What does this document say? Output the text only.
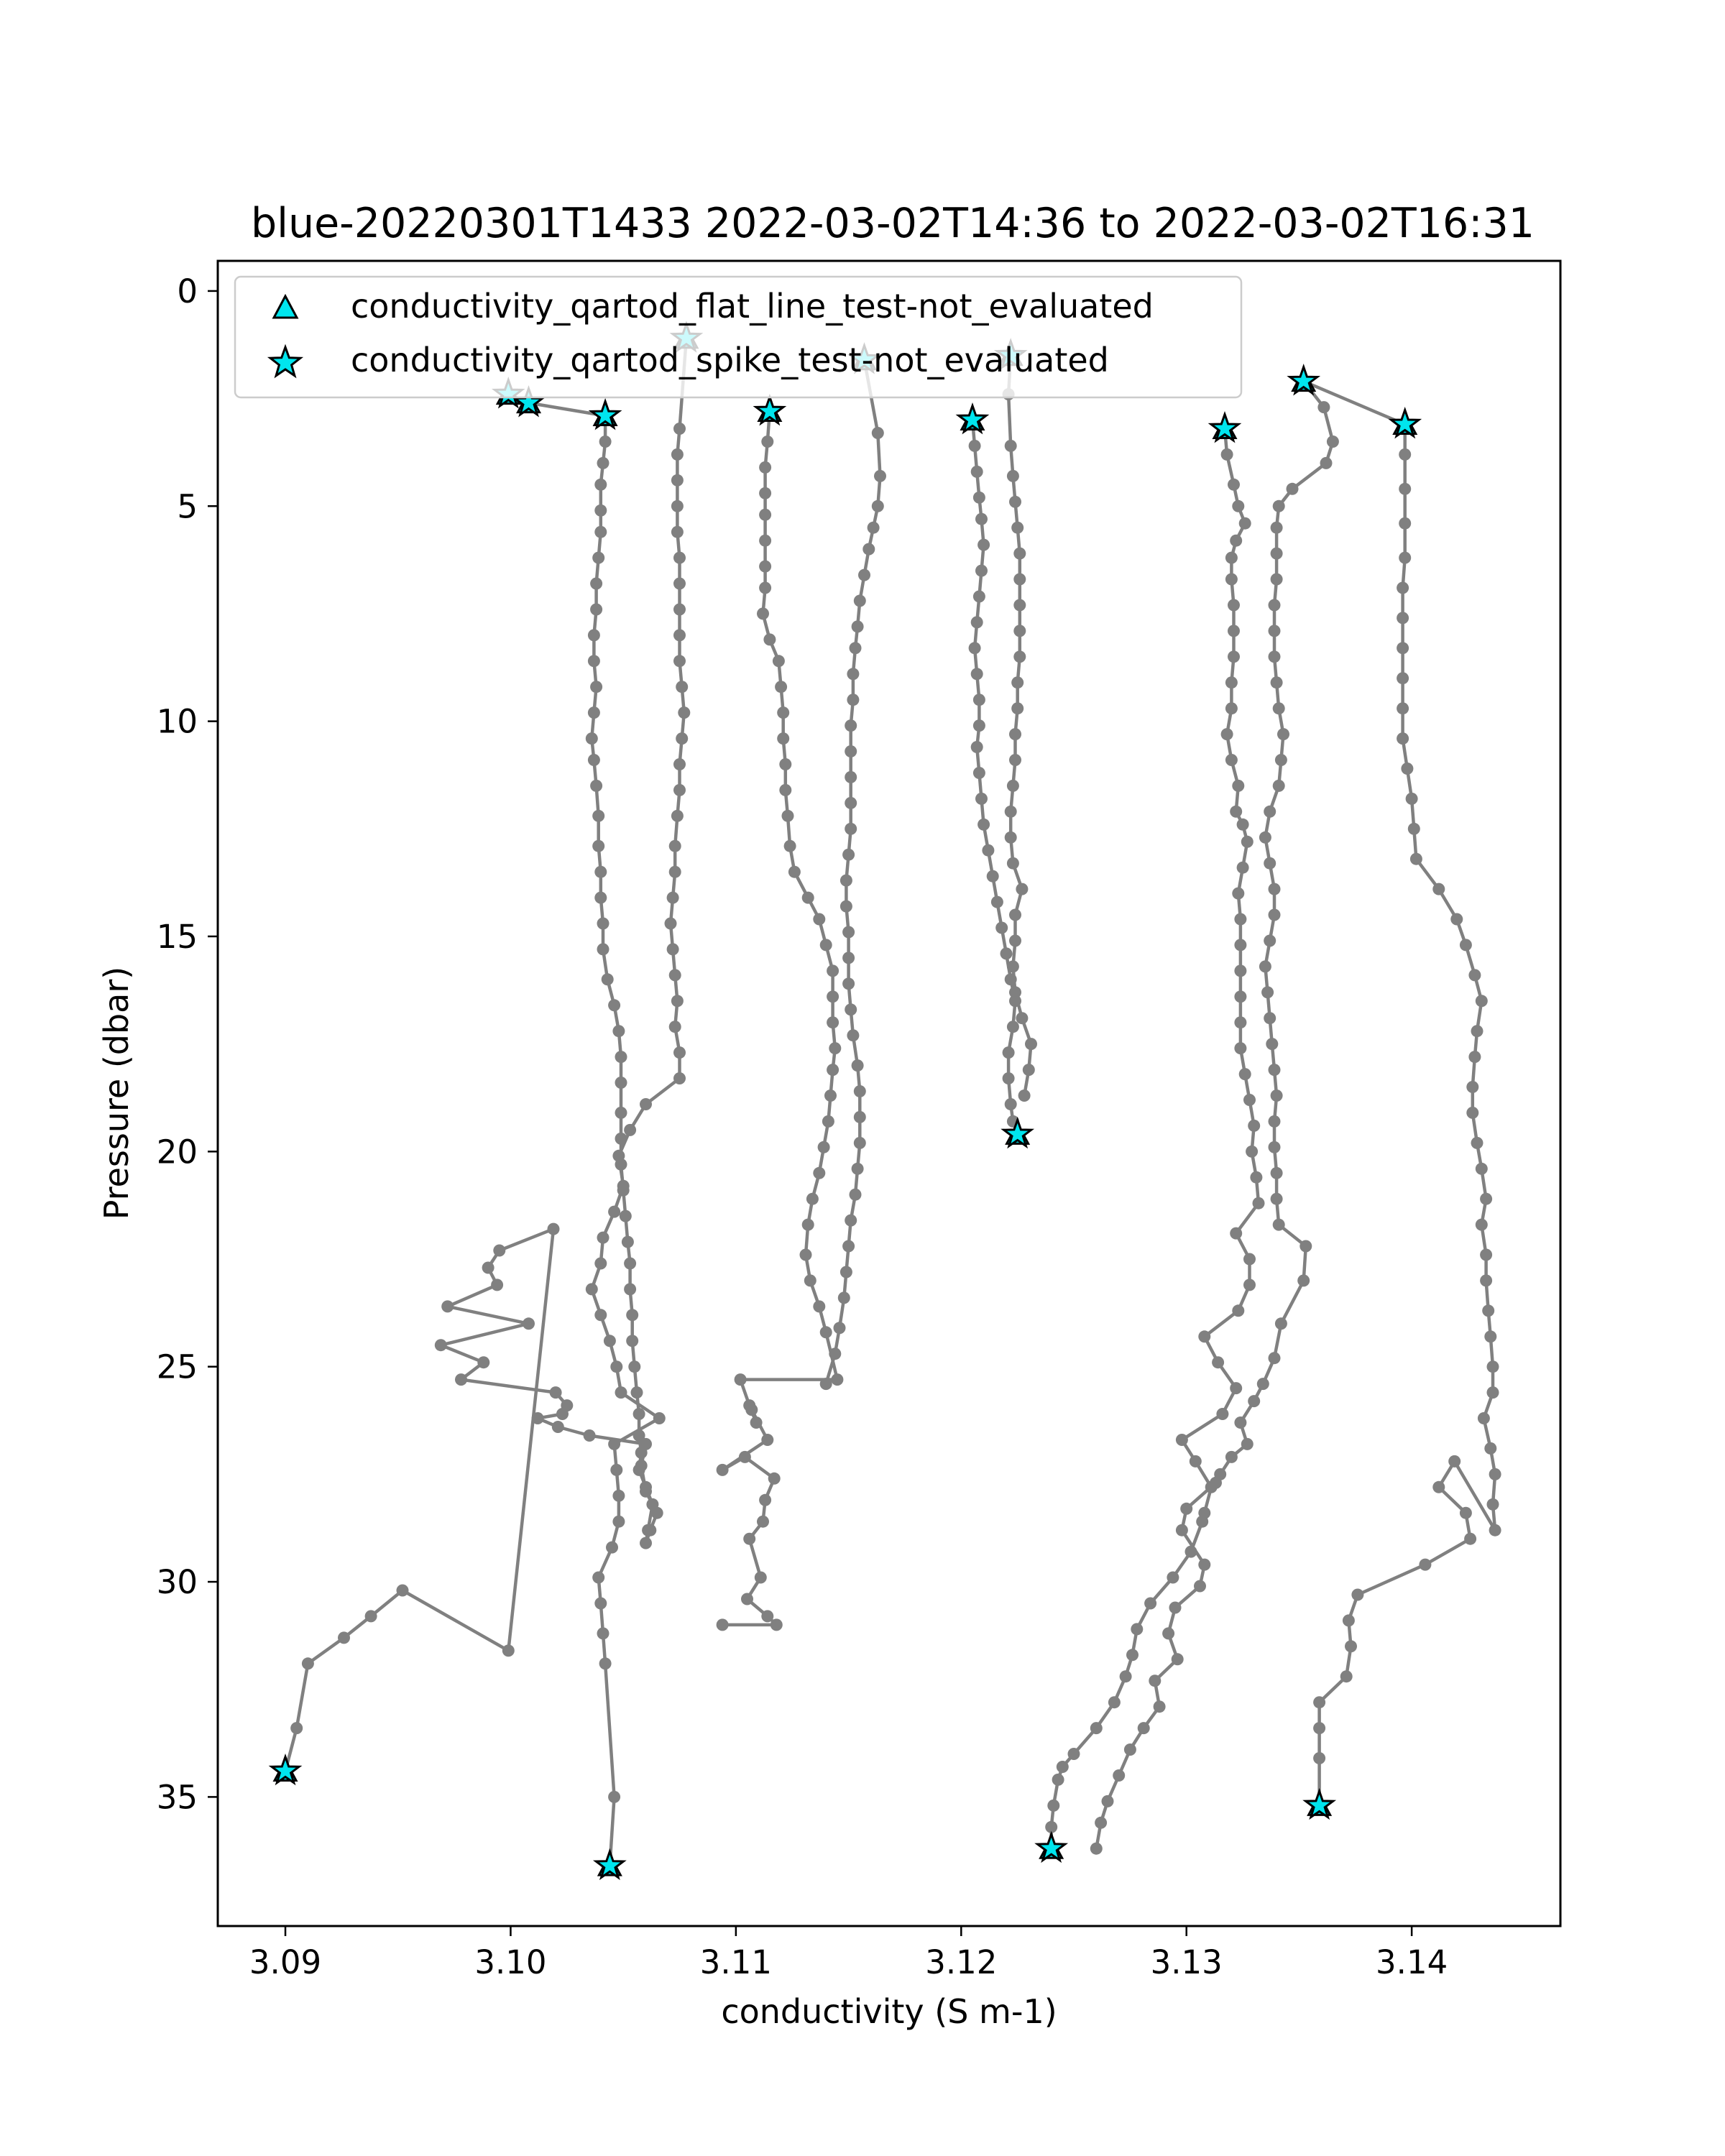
blue-20220301T1433 2022-03-02T14:36 to 2022-03-02T16:31
3.09	3.10	3.11	3.12	3.13	3.14
0
5
10
15
20
25
30
35
conductivity (S m-1)
Pressure (dbar)
conductivity_qartod_flat_line_test-not_evaluated
conductivity_qartod_spike_test-not_evaluated
